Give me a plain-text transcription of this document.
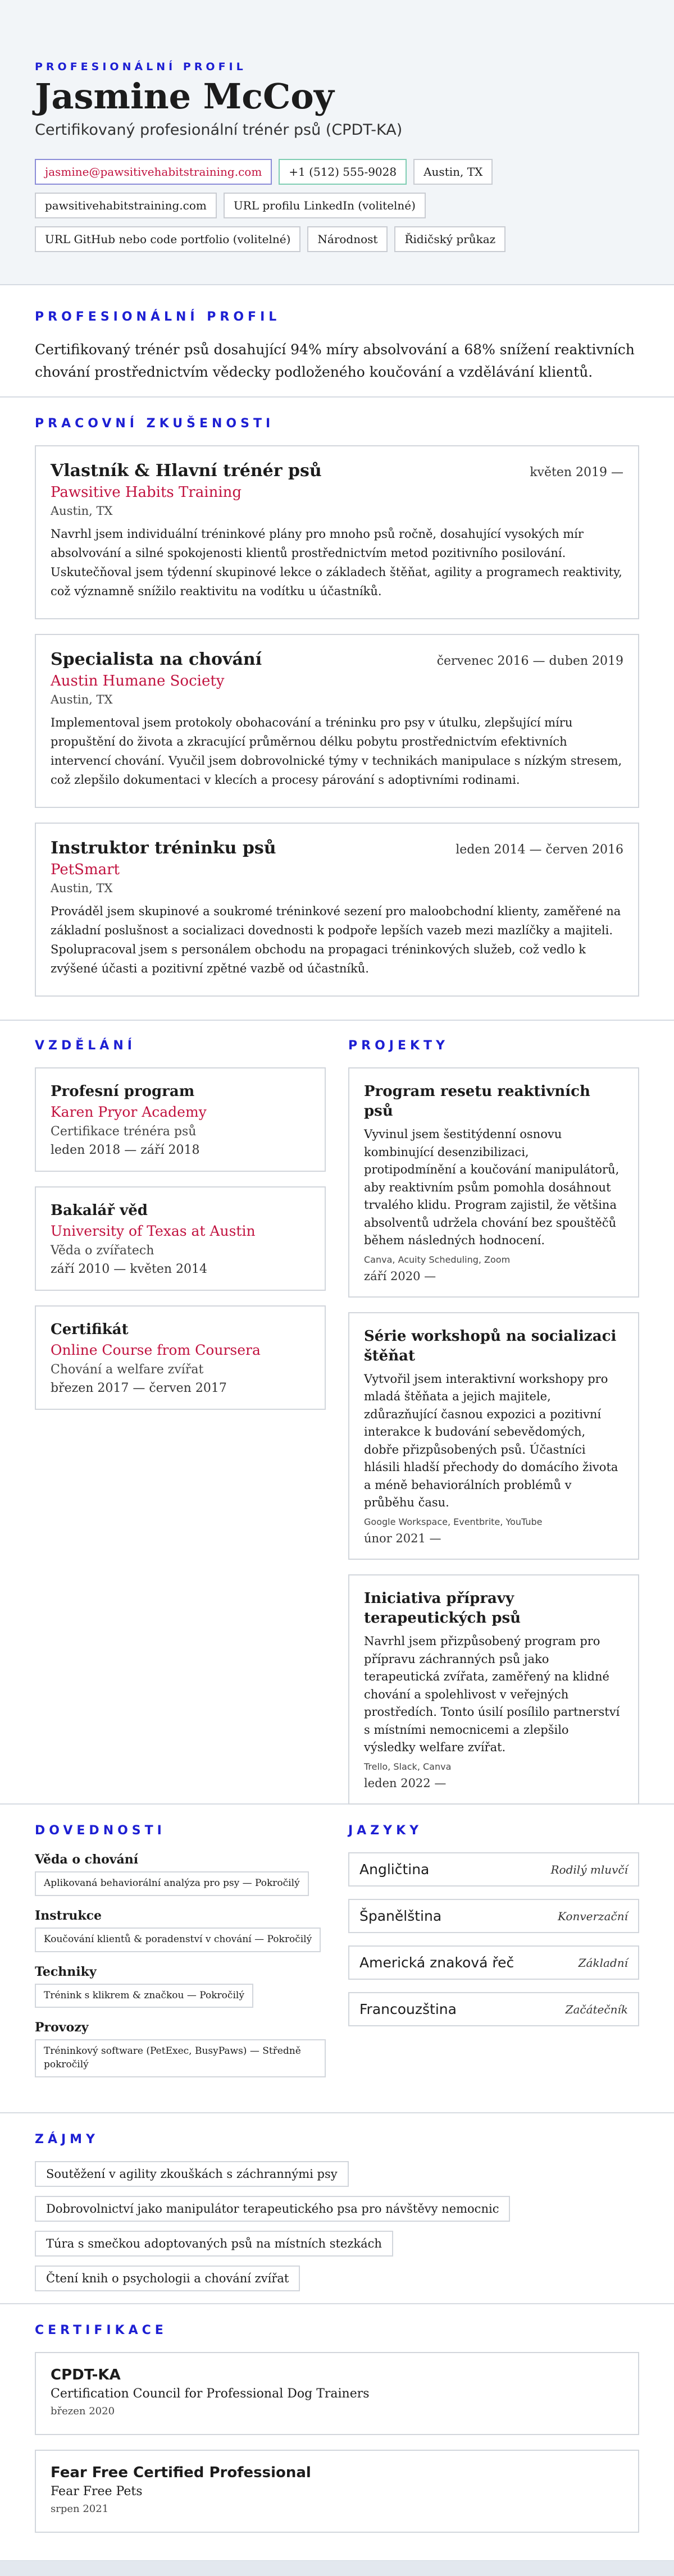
PROFESIONÁLNÍ PROFIL
Jasmine McCoy
Certifikovaný profesionální trénér psů (CPDT-KA)
jasmine@pawsitivehabitstraining.com	+1 (512) 555-9028	Austin, TX
pawsitivehabitstraining.com	URL profilu LinkedIn (volitelné)
URL GitHub nebo code portfolio (volitelné)	Národnost	Řidičský průkaz
PROFESIONÁLNÍ PROFIL
Certifikovaný trénér psů dosahující 94% míry absolvování a 68% snížení reaktivních chování prostřednictvím vědecky podloženého koučování a vzdělávání klientů.
PRACOVNÍ ZKUŠENOSTI
Vlastník & Hlavní trénér psů	květen 2019 —
Pawsitive Habits Training
Austin, TX
Navrhl jsem individuální tréninkové plány pro mnoho psů ročně, dosahující vysokých mír absolvování a silné spokojenosti klientů prostřednictvím metod pozitivního posilování. Uskutečňoval jsem týdenní skupinové lekce o základech štěňat, agility a programech reaktivity, což významně snížilo reaktivitu na vodítku u účastníků.
Specialista na chování	červenec 2016 — duben 2019
Austin Humane Society
Austin, TX
Implementoval jsem protokoly obohacování a tréninku pro psy v útulku, zlepšující míru propuštění do života a zkracující průměrnou délku pobytu prostřednictvím efektivních intervencí chování. Vyučil jsem dobrovolnické týmy v technikách manipulace s nízkým stresem, což zlepšilo dokumentaci v klecích a procesy párování s adoptivními rodinami.
Instruktor tréninku psů	leden 2014 — červen 2016
PetSmart
Austin, TX
Prováděl jsem skupinové a soukromé tréninkové sezení pro maloobchodní klienty, zaměřené na základní poslušnost a socializaci dovednosti k podpoře lepších vazeb mezi mazlíčky a majiteli. Spolupracoval jsem s personálem obchodu na propagaci tréninkových služeb, což vedlo k zvýšené účasti a pozitivní zpětné vazbě od účastníků.
VZDĚLÁNÍ
Profesní program
Karen Pryor Academy
Certifikace trénéra psů
leden 2018 — září 2018
Bakalář věd
University of Texas at Austin
Věda o zvířatech
září 2010 — květen 2014
Certifikát
Online Course from Coursera
Chování a welfare zvířat
březen 2017 — červen 2017
PROJEKTY
Program resetu reaktivních psů
Vyvinul jsem šestitýdenní osnovu kombinující desenzibilizaci, protipodmínění a koučování manipulátorů, aby reaktivním psům pomohla dosáhnout trvalého klidu. Program zajistil, že většina absolventů udržela chování bez spouštěčů během následných hodnocení.
Canva, Acuity Scheduling, Zoom
září 2020 —
Série workshopů na socializaci štěňat
Vytvořil jsem interaktivní workshopy pro mladá štěňata a jejich majitele, zdůrazňující časnou expozici a pozitivní interakce k budování sebevědomých, dobře přizpůsobených psů. Účastníci hlásili hladší přechody do domácího života a méně behaviorálních problémů v průběhu času.
Google Workspace, Eventbrite, YouTube
únor 2021 —
Iniciativa přípravy terapeutických psů
Navrhl jsem přizpůsobený program pro přípravu záchranných psů jako terapeutická zvířata, zaměřený na klidné chování a spolehlivost v veřejných prostředích. Tonto úsilí posílilo partnerství s místními nemocnicemi a zlepšilo výsledky welfare zvířat.
Trello, Slack, Canva
leden 2022 —
DOVEDNOSTI
Věda o chování
Aplikovaná behaviorální analýza pro psy — Pokročilý
Instrukce
Koučování klientů & poradenství v chování — Pokročilý
Techniky
Trénink s klikrem & značkou — Pokročilý
Provozy
Tréninkový software (PetExec, BusyPaws) — Středně pokročilý
JAZYKY
Angličtina	Rodilý mluvčí
Španělština	Konverzační
Americká znaková řeč	Základní
Francouzština	Začátečník
ZÁJMY
Soutěžení v agility zkouškách s záchrannými psy
Dobrovolnictví jako manipulátor terapeutického psa pro návštěvy nemocnic
Túra s smečkou adoptovaných psů na místních stezkách
Čtení knih o psychologii a chování zvířat
CERTIFIKACE
CPDT-KA
Certification Council for Professional Dog Trainers
březen 2020
Fear Free Certified Professional
Fear Free Pets
srpen 2021
